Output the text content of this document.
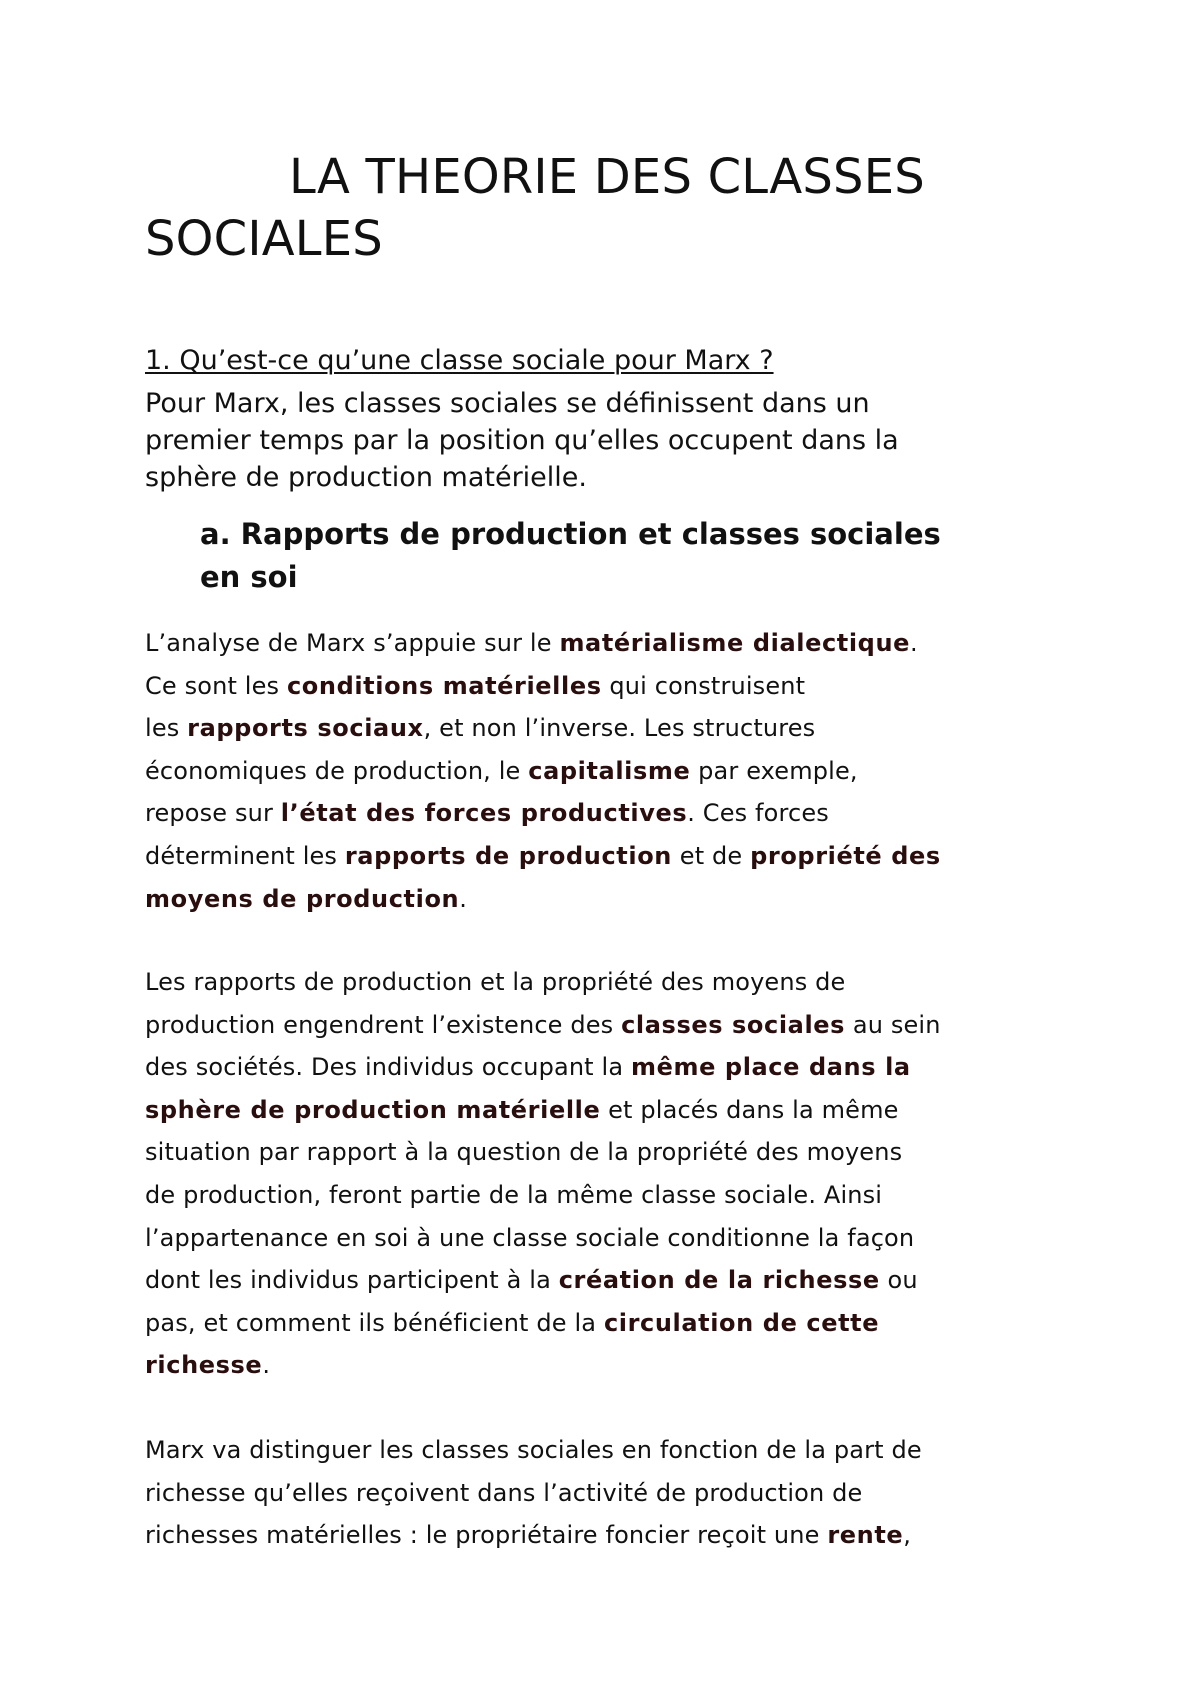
LA THEORIE DES CLASSES SOCIALES

1. Qu’est-ce qu’une classe sociale pour Marx ?

Pour Marx, les classes sociales se définissent dans un
premier temps par la position qu’elles occupent dans la
sphère de production matérielle.

a. Rapports de production et classes sociales
en soi

L’analyse de Marx s’appuie sur le matérialisme dialectique.
Ce sont les conditions matérielles qui construisent
les rapports sociaux, et non l’inverse. Les structures
économiques de production, le capitalisme par exemple,
repose sur l’état des forces productives. Ces forces
déterminent les rapports de production et de propriété des
moyens de production.

Les rapports de production et la propriété des moyens de
production engendrent l’existence des classes sociales au sein
des sociétés. Des individus occupant la même place dans la
sphère de production matérielle et placés dans la même
situation par rapport à la question de la propriété des moyens
de production, feront partie de la même classe sociale. Ainsi
l’appartenance en soi à une classe sociale conditionne la façon
dont les individus participent à la création de la richesse ou
pas, et comment ils bénéficient de la circulation de cette
richesse.

Marx va distinguer les classes sociales en fonction de la part de
richesse qu’elles reçoivent dans l’activité de production de
richesses matérielles : le propriétaire foncier reçoit une rente,
